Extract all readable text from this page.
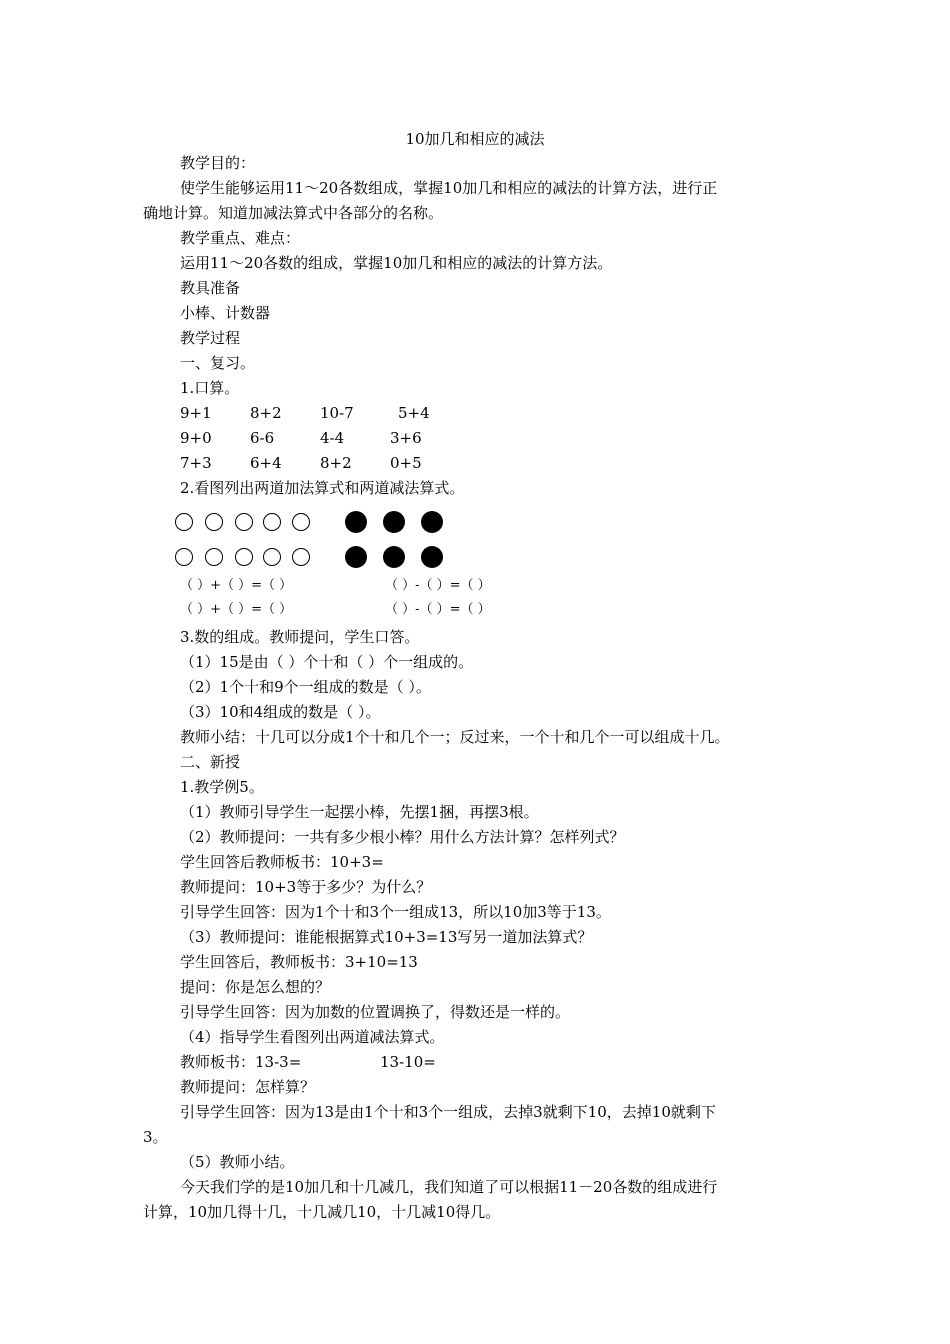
10加几和相应的减法
教学目的：
使学生能够运用11～20各数组成，掌握10加几和相应的减法的计算方法，进行正
确地计算。知道加减法算式中各部分的名称。
教学重点、难点：
运用11～20各数的组成，掌握10加几和相应的减法的计算方法。
教具准备
小棒、计数器
教学过程
一、复习。
1.口算。
9+1	8+2	10-7	5+4
9+0	6-6	4-4	3+6
7+3	6+4	8+2	0+5
2.看图列出两道加法算式和两道减法算式。
（ ）+（ ）=（ ）	（ ）-（ ）=（ ）
（ ）+（ ）=（ ）	（ ）-（ ）=（ ）
3.数的组成。教师提问，学生口答。
（1）15是由（ ）个十和（ ）个一组成的。
（2）1个十和9个一组成的数是（ ）。
（3）10和4组成的数是（ ）。
教师小结：十几可以分成1个十和几个一；反过来，一个十和几个一可以组成十几。
二、新授
1.教学例5。
（1）教师引导学生一起摆小棒，先摆1捆，再摆3根。
（2）教师提问：一共有多少根小棒？用什么方法计算？怎样列式？
学生回答后教师板书：10+3=
教师提问：10+3等于多少？为什么？
引导学生回答：因为1个十和3个一组成13，所以10加3等于13。
（3）教师提问：谁能根据算式10+3=13写另一道加法算式？
学生回答后，教师板书：3+10=13
提问：你是怎么想的？
引导学生回答：因为加数的位置调换了，得数还是一样的。
（4）指导学生看图列出两道减法算式。
教师板书：13-3=	13-10=
教师提问：怎样算？
引导学生回答：因为13是由1个十和3个一组成，去掉3就剩下10，去掉10就剩下
3。
（5）教师小结。
今天我们学的是10加几和十几减几，我们知道了可以根据11－20各数的组成进行
计算，10加几得十几，十几减几10，十几减10得几。
